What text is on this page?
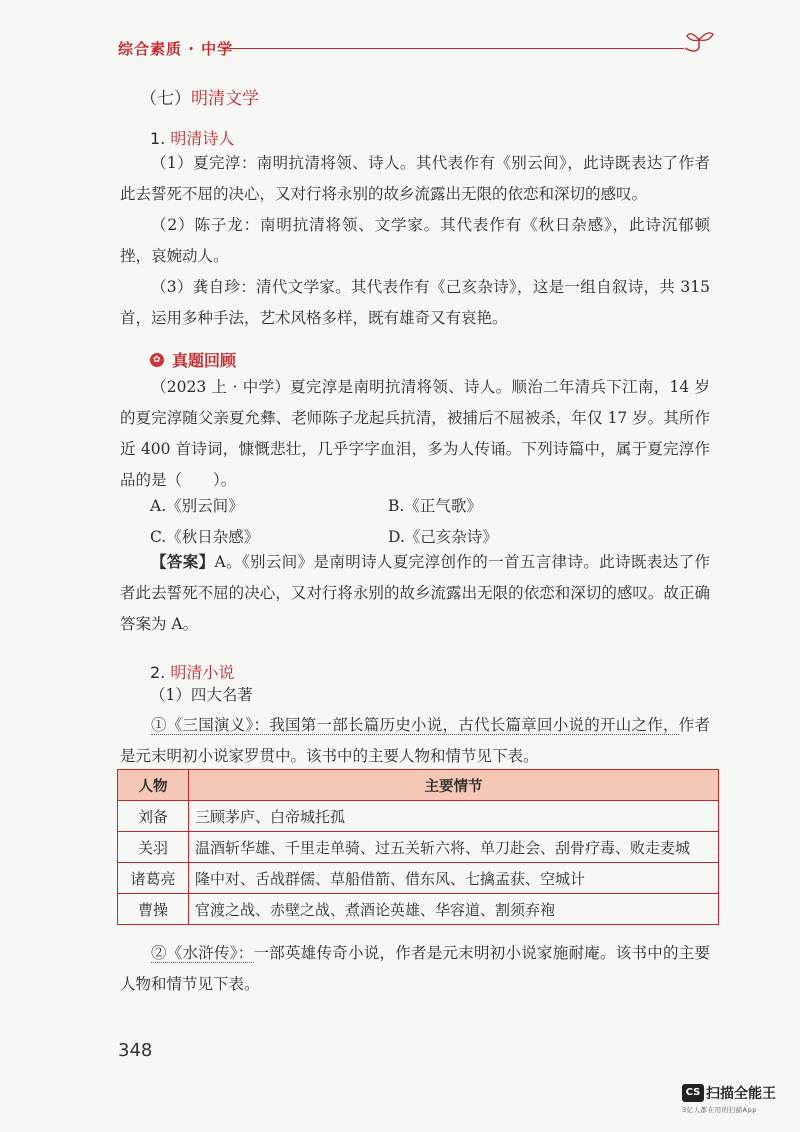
综合素质 · 中学
（七）明清文学
1. 明清诗人
（1）夏完淳：南明抗清将领、诗人。其代表作有《别云间》，此诗既表达了作者此去誓死不屈的决心，又对行将永别的故乡流露出无限的依恋和深切的感叹。
（2）陈子龙：南明抗清将领、文学家。其代表作有《秋日杂感》，此诗沉郁顿挫，哀婉动人。
（3）龚自珍：清代文学家。其代表作有《己亥杂诗》，这是一组自叙诗，共 315 首，运用多种手法，艺术风格多样，既有雄奇又有哀艳。
✿真题回顾
（2023 上 · 中学）夏完淳是南明抗清将领、诗人。顺治二年清兵下江南，14 岁的夏完淳随父亲夏允彝、老师陈子龙起兵抗清，被捕后不屈被杀，年仅 17 岁。其所作近 400 首诗词，慷慨悲壮，几乎字字血泪，多为人传诵。下列诗篇中，属于夏完淳作品的是（　　）。
A.《别云间》	B.《正气歌》
C.《秋日杂感》	D.《己亥杂诗》
【答案】A。《别云间》是南明诗人夏完淳创作的一首五言律诗。此诗既表达了作者此去誓死不屈的决心，又对行将永别的故乡流露出无限的依恋和深切的感叹。故正确答案为 A。
2. 明清小说
（1）四大名著
①《三国演义》：我国第一部长篇历史小说，古代长篇章回小说的开山之作，作者是元末明初小说家罗贯中。该书中的主要人物和情节见下表。
人物	主要情节
刘备	三顾茅庐、白帝城托孤
关羽	温酒斩华雄、千里走单骑、过五关斩六将、单刀赴会、刮骨疗毒、败走麦城
诸葛亮	隆中对、舌战群儒、草船借箭、借东风、七擒孟获、空城计
曹操	官渡之战、赤壁之战、煮酒论英雄、华容道、割须弃袍
②《水浒传》：一部英雄传奇小说，作者是元末明初小说家施耐庵。该书中的主要人物和情节见下表。
348
CS 扫描全能王
3亿人都在用的扫描App
